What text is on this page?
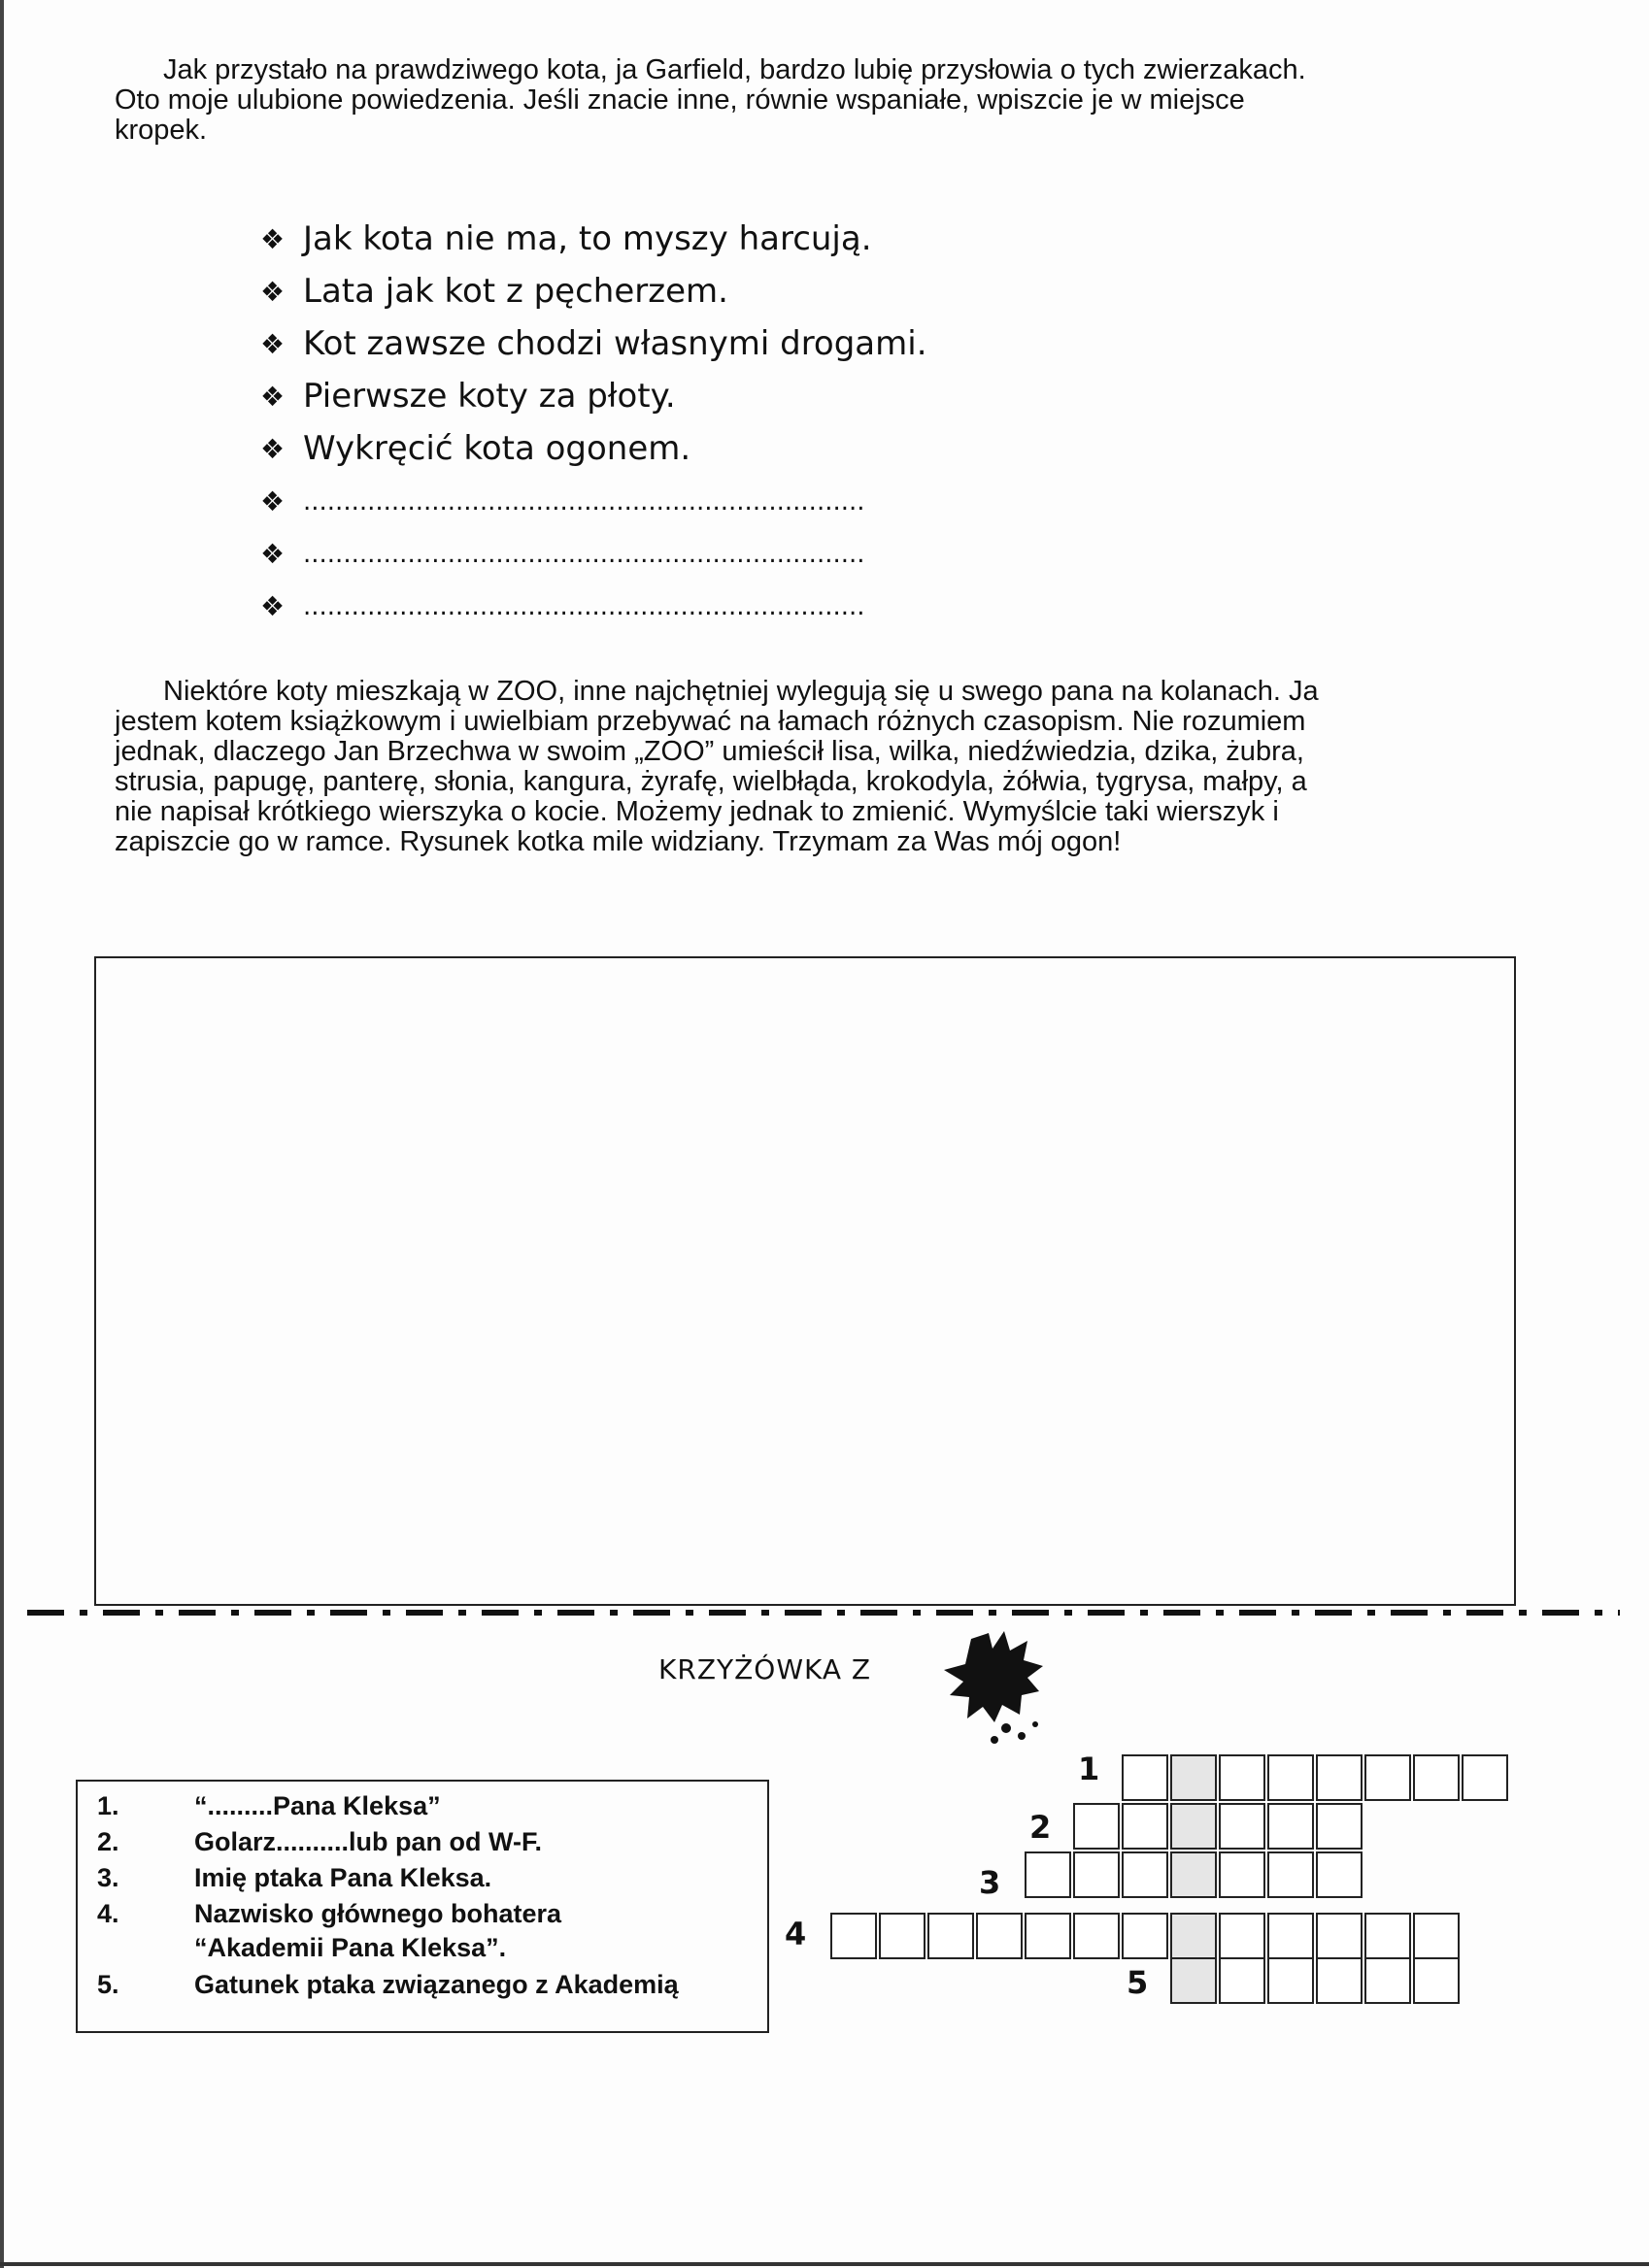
Jak przystało na prawdziwego kota, ja Garfield, bardzo lubię przysłowia o tych zwierzakach.
Oto moje ulubione powiedzenia. Jeśli znacie inne, równie wspaniałe, wpiszcie je w miejsce
kropek.
❖ Jak kota nie ma, to myszy harcują.
❖ Lata jak kot z pęcherzem.
❖ Kot zawsze chodzi własnymi drogami.
❖ Pierwsze koty za płoty.
❖ Wykręcić kota ogonem.
❖ ......................................................................
❖ ......................................................................
❖ ......................................................................
Niektóre koty mieszkają w ZOO, inne najchętniej wylegują się u swego pana na kolanach. Ja
jestem kotem książkowym i uwielbiam przebywać na łamach różnych czasopism. Nie rozumiem
jednak, dlaczego Jan Brzechwa w swoim „ZOO” umieścił lisa, wilka, niedźwiedzia, dzika, żubra,
strusia, papugę, panterę, słonia, kangura, żyrafę, wielbłąda, krokodyla, żółwia, tygrysa, małpy, a
nie napisał krótkiego wierszyka o kocie. Możemy jednak to zmienić. Wymyślcie taki wierszyk i
zapiszcie go w ramce. Rysunek kotka mile widziany. Trzymam za Was mój ogon!
KRZYŻÓWKA Z
1.	“.........Pana Kleksa”
2.	Golarz..........lub pan od W-F.
3.	Imię ptaka Pana Kleksa.
4.	Nazwisko głównego bohatera
“Akademii Pana Kleksa”.
5.	Gatunek ptaka związanego z Akademią
1
2
3
4
5
